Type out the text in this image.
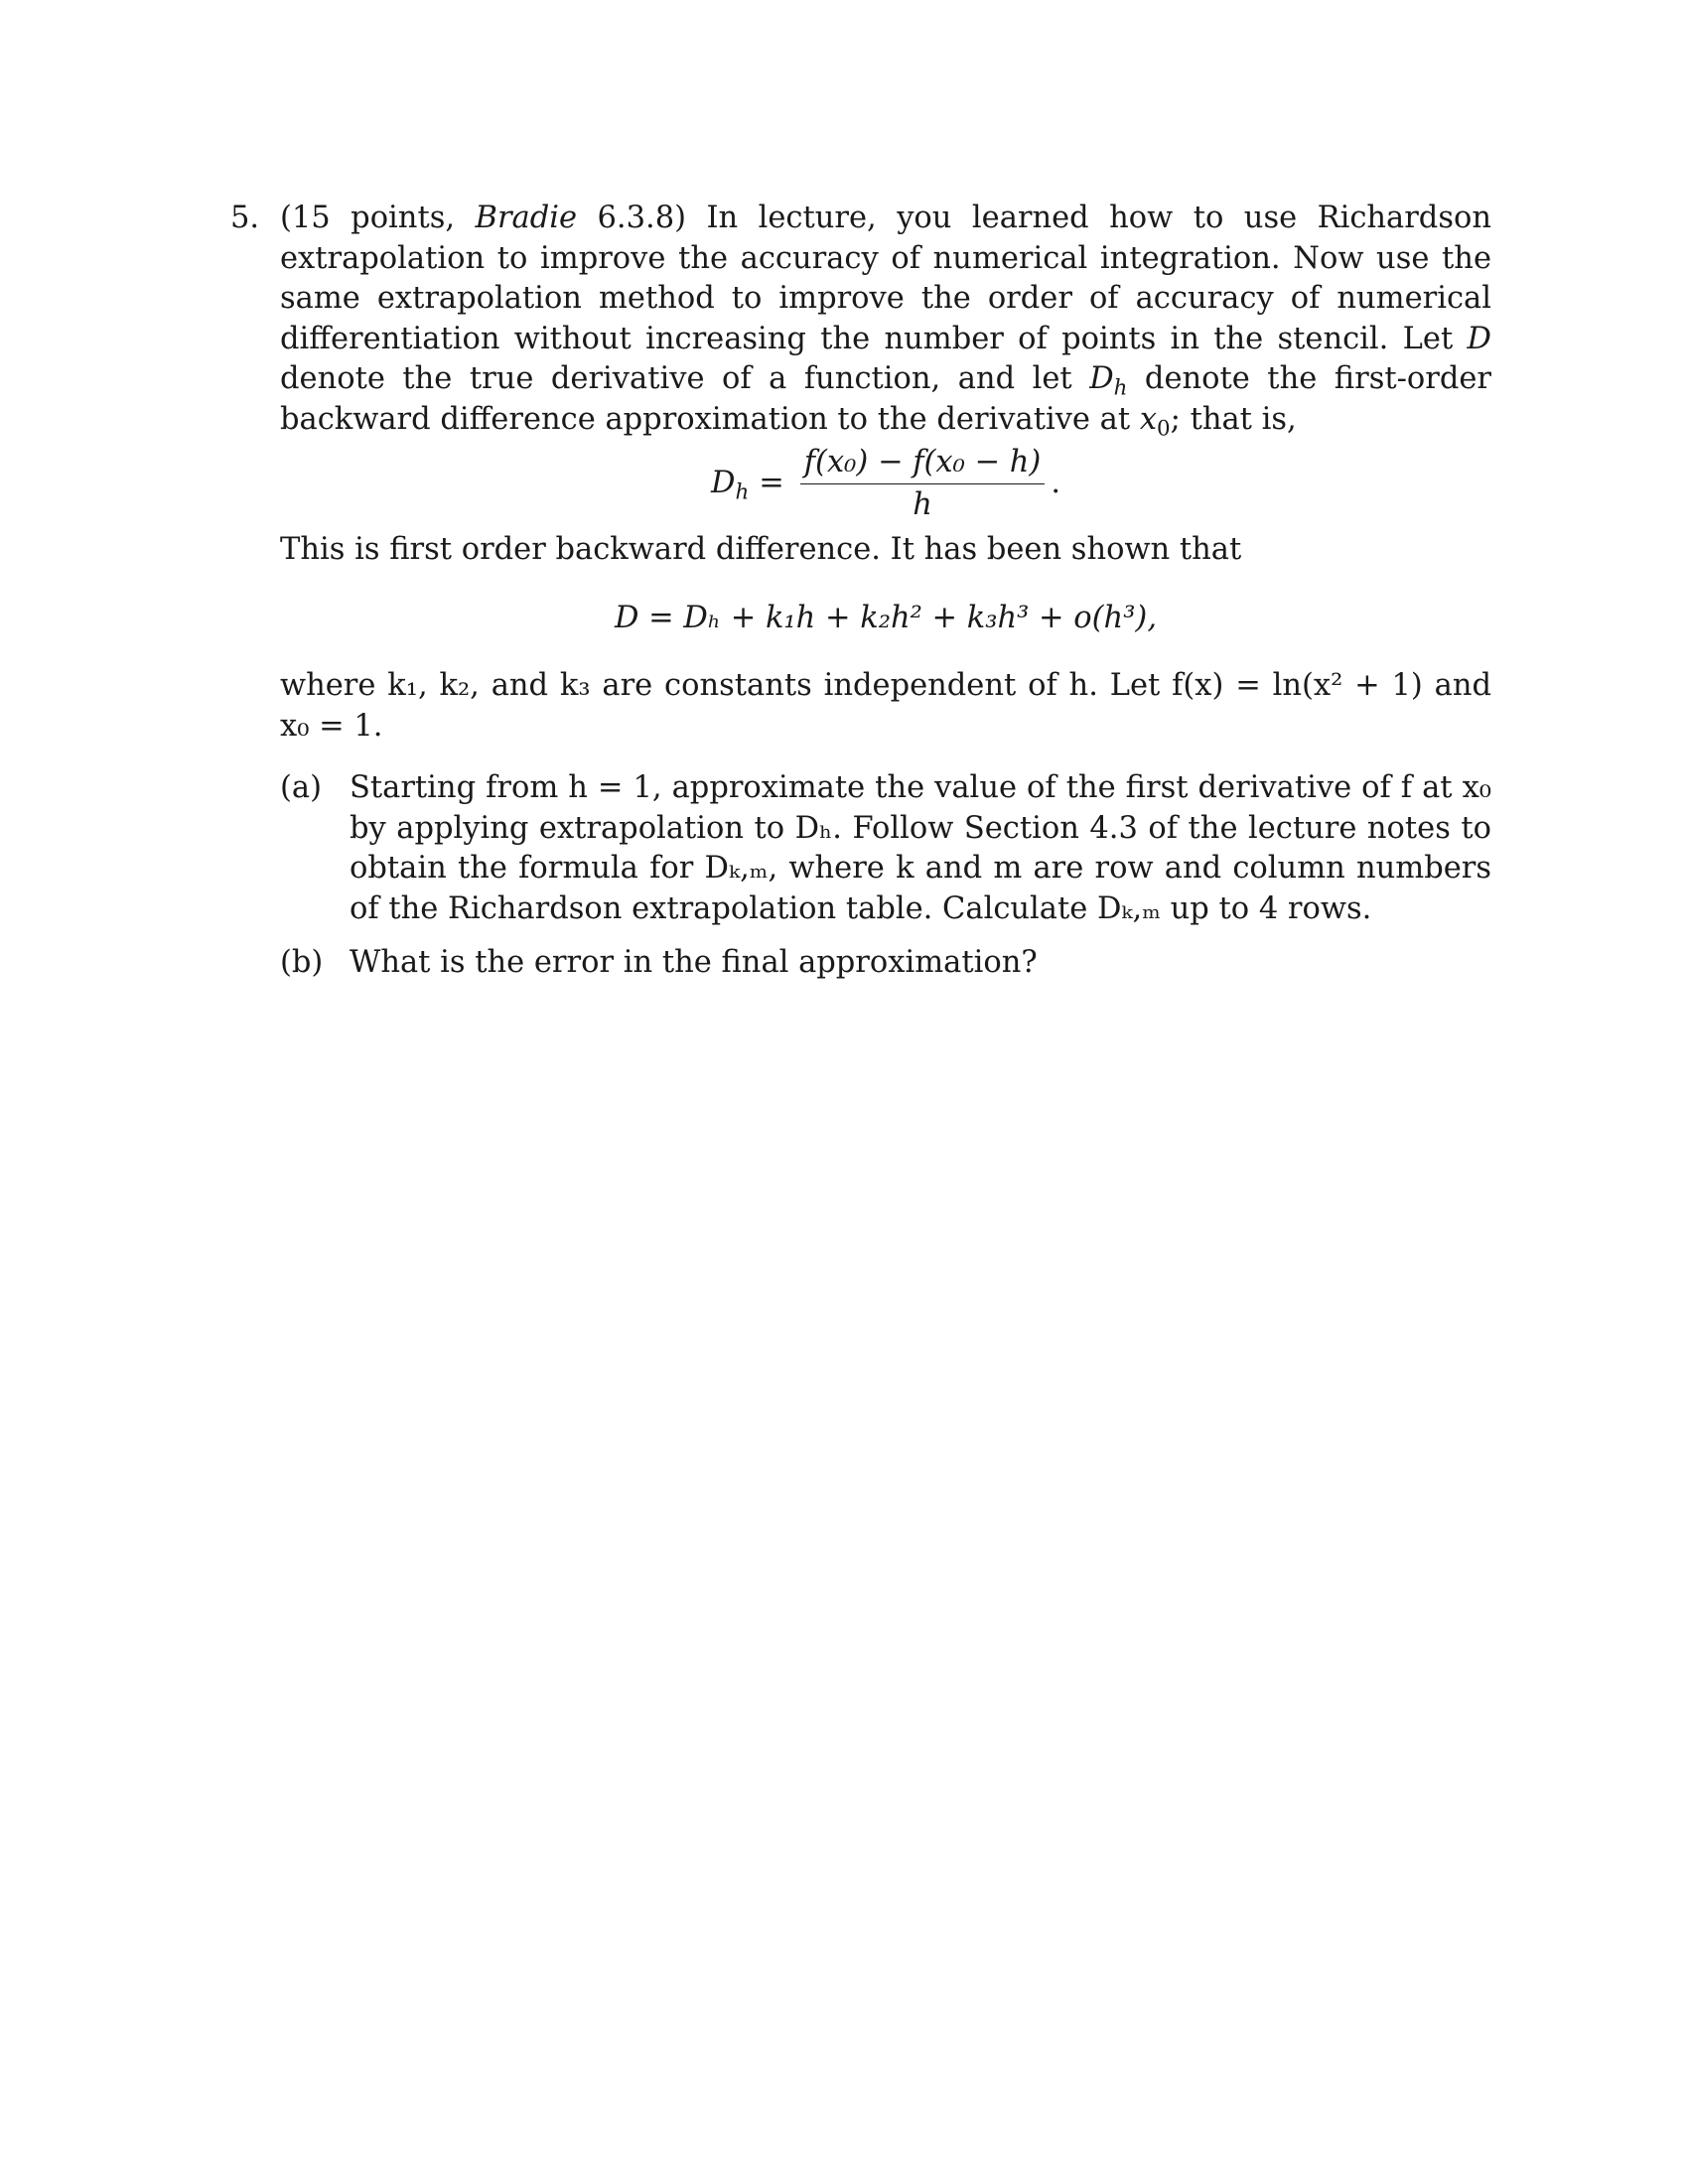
5. (15 points, Bradie 6.3.8) In lecture, you learned how to use Richardson extrapolation to improve the accuracy of numerical integration. Now use the same extrapolation method to improve the order of accuracy of numerical differentiation without increasing the number of points in the stencil. Let D denote the true derivative of a function, and let $D_h$ denote the first-order backward difference approximation to the derivative at $x_0$; that is,
$D_h = \frac{\text{f(x₀) − f(x₀ − h)}}{h}$ .
This is first order backward difference. It has been shown that
D = Dₕ + k₁h + k₂h² + k₃h³ + o(h³),
where k₁, k₂, and k₃ are constants independent of h. Let f(x) = ln(x² + 1) and x₀ = 1.
(a) Starting from h = 1, approximate the value of the first derivative of f at x₀ by applying extrapolation to Dₕ. Follow Section 4.3 of the lecture notes to obtain the formula for Dₖ,ₘ, where k and m are row and column numbers of the Richardson extrapolation table. Calculate Dₖ,ₘ up to 4 rows.
(b) What is the error in the final approximation?
